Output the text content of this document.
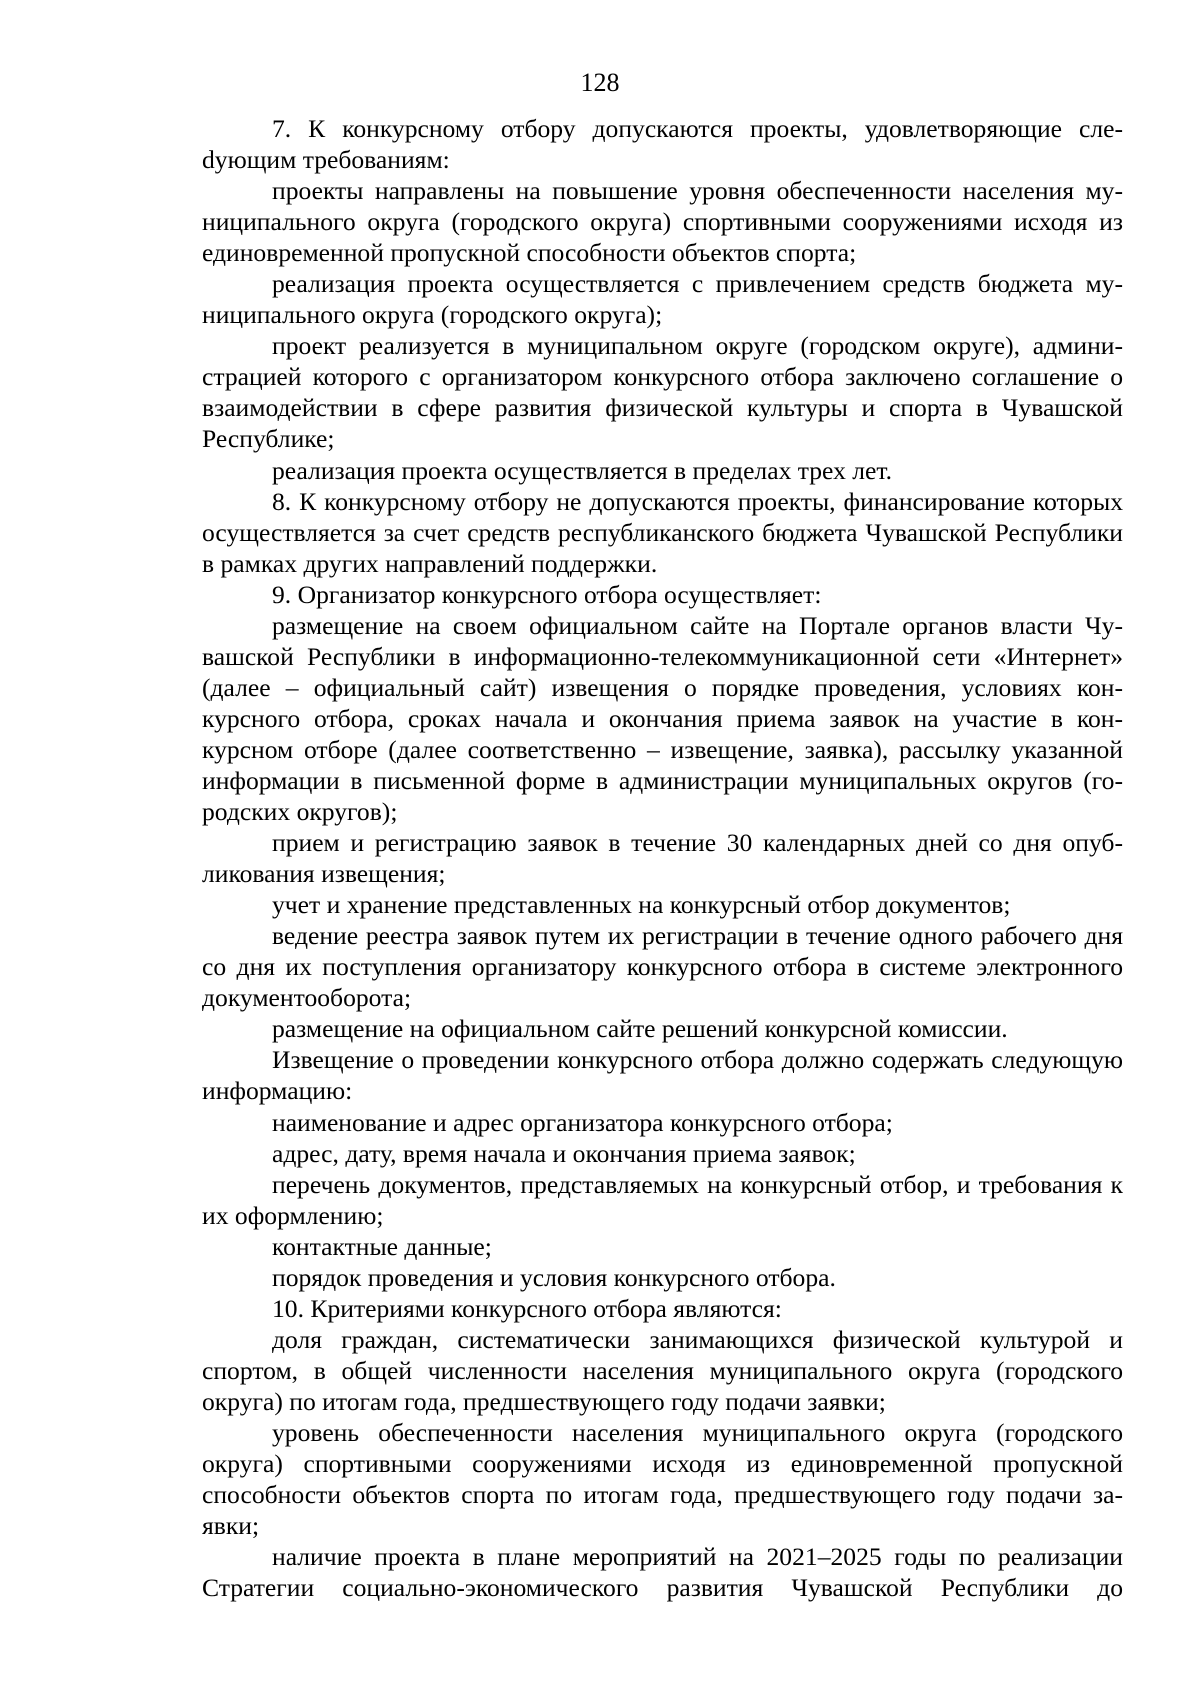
128

7. К конкурсному отбору допускаются проекты, удовлетворяющие слеdующим требованиям:

проекты направлены на повышение уровня обеспеченности населения муниципального округа (городского округа) спортивными сооружениями исходя из единовременной пропускной способности объектов спорта;

реализация проекта осуществляется с привлечением средств бюджета муниципального округа (городского округа);

проект реализуется в муниципальном округе (городском округе), администрацией которого с организатором конкурсного отбора заключено соглашение о взаимодействии в сфере развития физической культуры и спорта в Чувашской Республике;

реализация проекта осуществляется в пределах трех лет.

8. К конкурсному отбору не допускаются проекты, финансирование которых осуществляется за счет средств республиканского бюджета Чувашской Республики в рамках других направлений поддержки.

9. Организатор конкурсного отбора осуществляет:

размещение на своем официальном сайте на Портале органов власти Чувашской Республики в информационно-телекоммуникационной сети «Интернет» (далее – официальный сайт) извещения о порядке проведения, условиях конкурсного отбора, сроках начала и окончания приема заявок на участие в конкурсном отборе (далее соответственно – извещение, заявка), рассылку указанной информации в письменной форме в администрации муниципальных округов (городских округов);

прием и регистрацию заявок в течение 30 календарных дней со дня опубликования извещения;

учет и хранение представленных на конкурсный отбор документов;

ведение реестра заявок путем их регистрации в течение одного рабочего дня со дня их поступления организатору конкурсного отбора в системе электронного документооборота;

размещение на официальном сайте решений конкурсной комиссии.

Извещение о проведении конкурсного отбора должно содержать следующую информацию:

наименование и адрес организатора конкурсного отбора;

адрес, дату, время начала и окончания приема заявок;

перечень документов, представляемых на конкурсный отбор, и требования к их оформлению;

контактные данные;

порядок проведения и условия конкурсного отбора.

10. Критериями конкурсного отбора являются:

доля граждан, систематически занимающихся физической культурой и спортом, в общей численности населения муниципального округа (городского округа) по итогам года, предшествующего году подачи заявки;

уровень обеспеченности населения муниципального округа (городского округа) спортивными сооружениями исходя из единовременной пропускной способности объектов спорта по итогам года, предшествующего году подачи заявки;

наличие проекта в плане мероприятий на 2021–2025 годы по реализации Стратегии социально-экономического развития Чувашской Республики до
